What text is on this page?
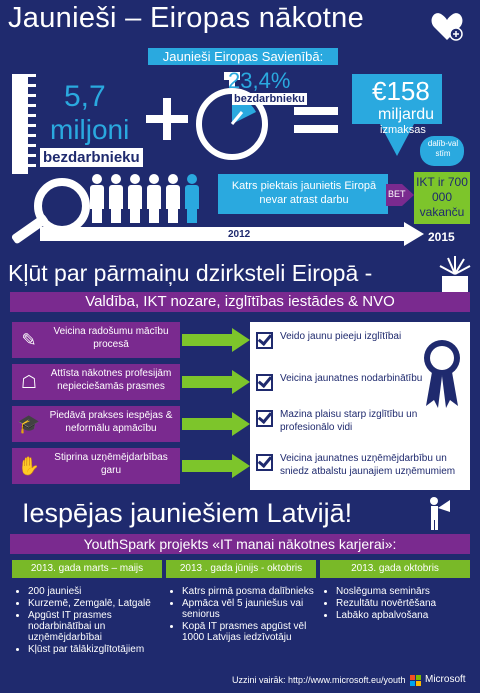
Jaunieši – Eiropas nākotne
Jaunieši Eiropas Savienībā:
5,7
miljoni
bezdarbnieku
23,4%
bezdarbnieku	€158
miljardu
izmaksas
dalīb-valstīm
Katrs piektais jaunietis Eiropā nevar atrast darbu	BET
IKT ir 700 000 vakanču
2012	2015
Kļūt par pārmaiņu dzirksteli Eiropā -
Valdība, IKT nozare, izglītības iestādes & NVO
Iespējas jauniešiem Latvijā!
YouthSpark projekts «IT manai nākotnes karjerai»:
Uzzini vairāk: http://www.microsoft.eu/youth Microsoft
✎	Veicina radošumu mācību procesā
☖	Attīsta nākotnes profesijām nepieciešamās prasmes
🎓 Piedāvā prakses iespējas & neformālu apmācību
✋	Stiprina uzņēmējdarbības garu
Veido jaunu pieeju izglītībai
Veicina jaunatnes nodarbinātību
Mazina plaisu starp izglītību un profesionālo vidi
Veicina jaunatnes uzņēmējdarbību un sniedz atbalstu jaunajiem uzņēmumiem
2013. gada marts – maijs
• 200 jaunieši
• Kurzemē, Zemgalē, Latgalē
• Apgūst IT prasmes nodarbinātībai un uzņēmējdarbībai
• Kļūst par tālākizglītotājiem
2013 . gada jūnijs - oktobris
• Katrs pirmā posma dalībnieks
• Apmāca vēl 5 jauniešus vai seniorus
• Kopā IT prasmes apgūst vēl 1000 Latvijas iedzīvotāju
2013. gada oktobris
• Noslēguma seminārs
• Rezultātu novērtēšana
• Labāko apbalvošana
